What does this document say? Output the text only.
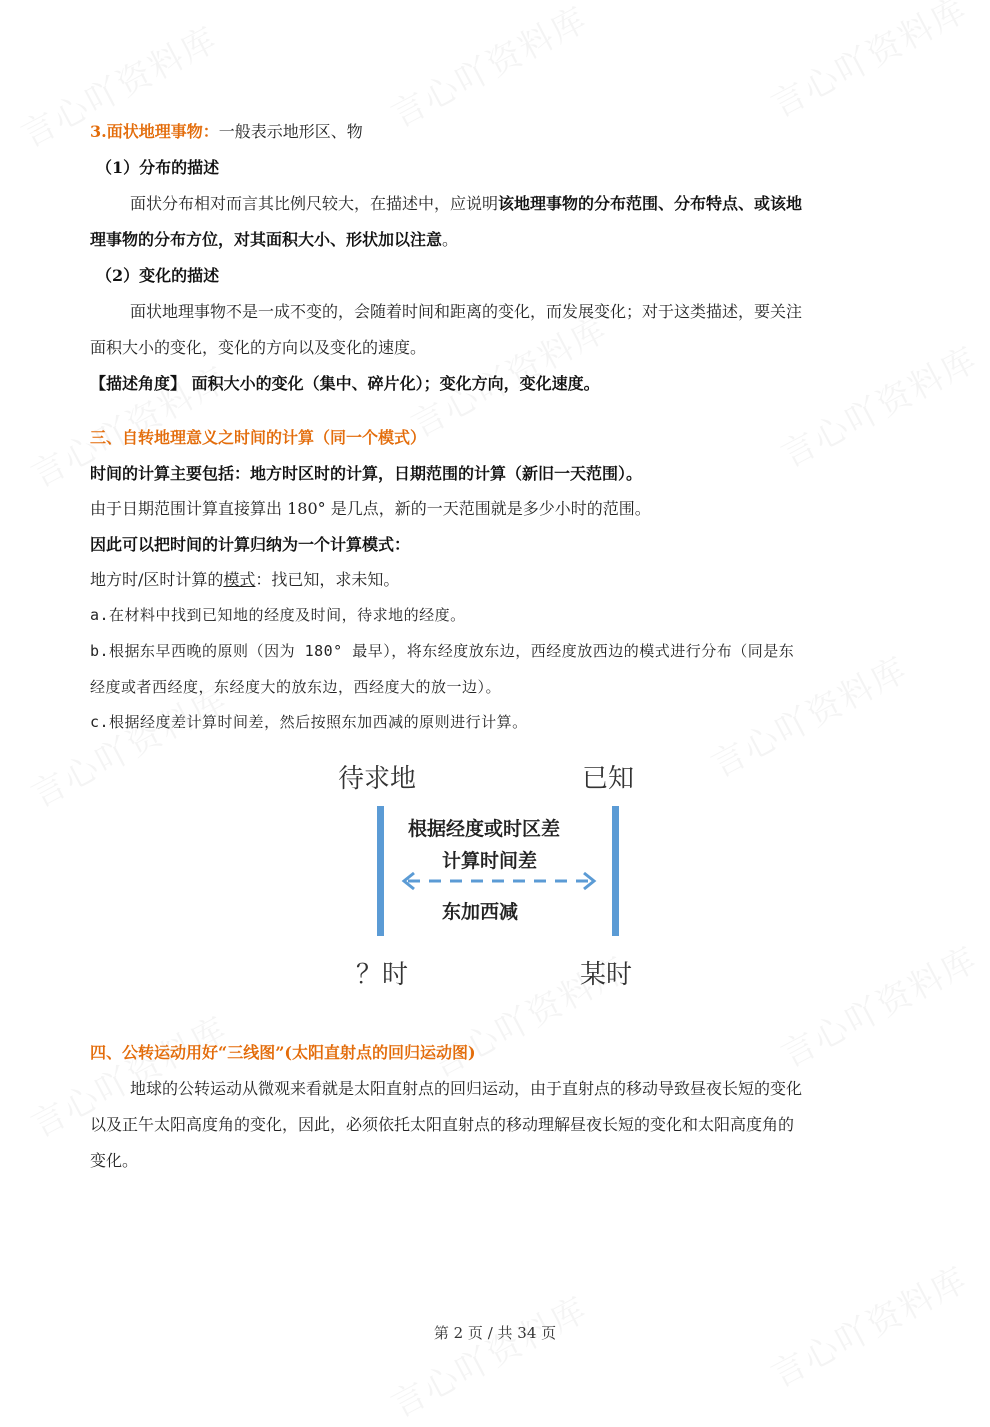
3.面状地理事物：一般表示地形区、物
（1）分布的描述
面状分布相对而言其比例尺较大，在描述中，应说明该地理事物的分布范围、分布特点、或该地
理事物的分布方位，对其面积大小、形状加以注意。
（2）变化的描述
面状地理事物不是一成不变的，会随着时间和距离的变化，而发展变化；对于这类描述，要关注
面积大小的变化，变化的方向以及变化的速度。
【描述角度】 面积大小的变化（集中、碎片化）；变化方向，变化速度。
三、自转地理意义之时间的计算（同一个模式）
时间的计算主要包括：地方时区时的计算，日期范围的计算（新旧一天范围）。
由于日期范围计算直接算出 180° 是几点，新的一天范围就是多少小时的范围。
因此可以把时间的计算归纳为一个计算模式：
地方时/区时计算的模式：找已知，求未知。
a.在材料中找到已知地的经度及时间，待求地的经度。
b.根据东早西晚的原则（因为 180° 最早），将东经度放东边，西经度放西边的模式进行分布（同是东
经度或者西经度，东经度大的放东边，西经度大的放一边）。
c.根据经度差计算时间差，然后按照东加西减的原则进行计算。
待求地	已知
根据经度或时区差
计算时间差
东加西减
？时	某时
四、公转运动用好“三线图”(太阳直射点的回归运动图)
地球的公转运动从微观来看就是太阳直射点的回归运动，由于直射点的移动导致昼夜长短的变化
以及正午太阳高度角的变化，因此，必须依托太阳直射点的移动理解昼夜长短的变化和太阳高度角的
变化。
第 2 页 / 共 34 页
